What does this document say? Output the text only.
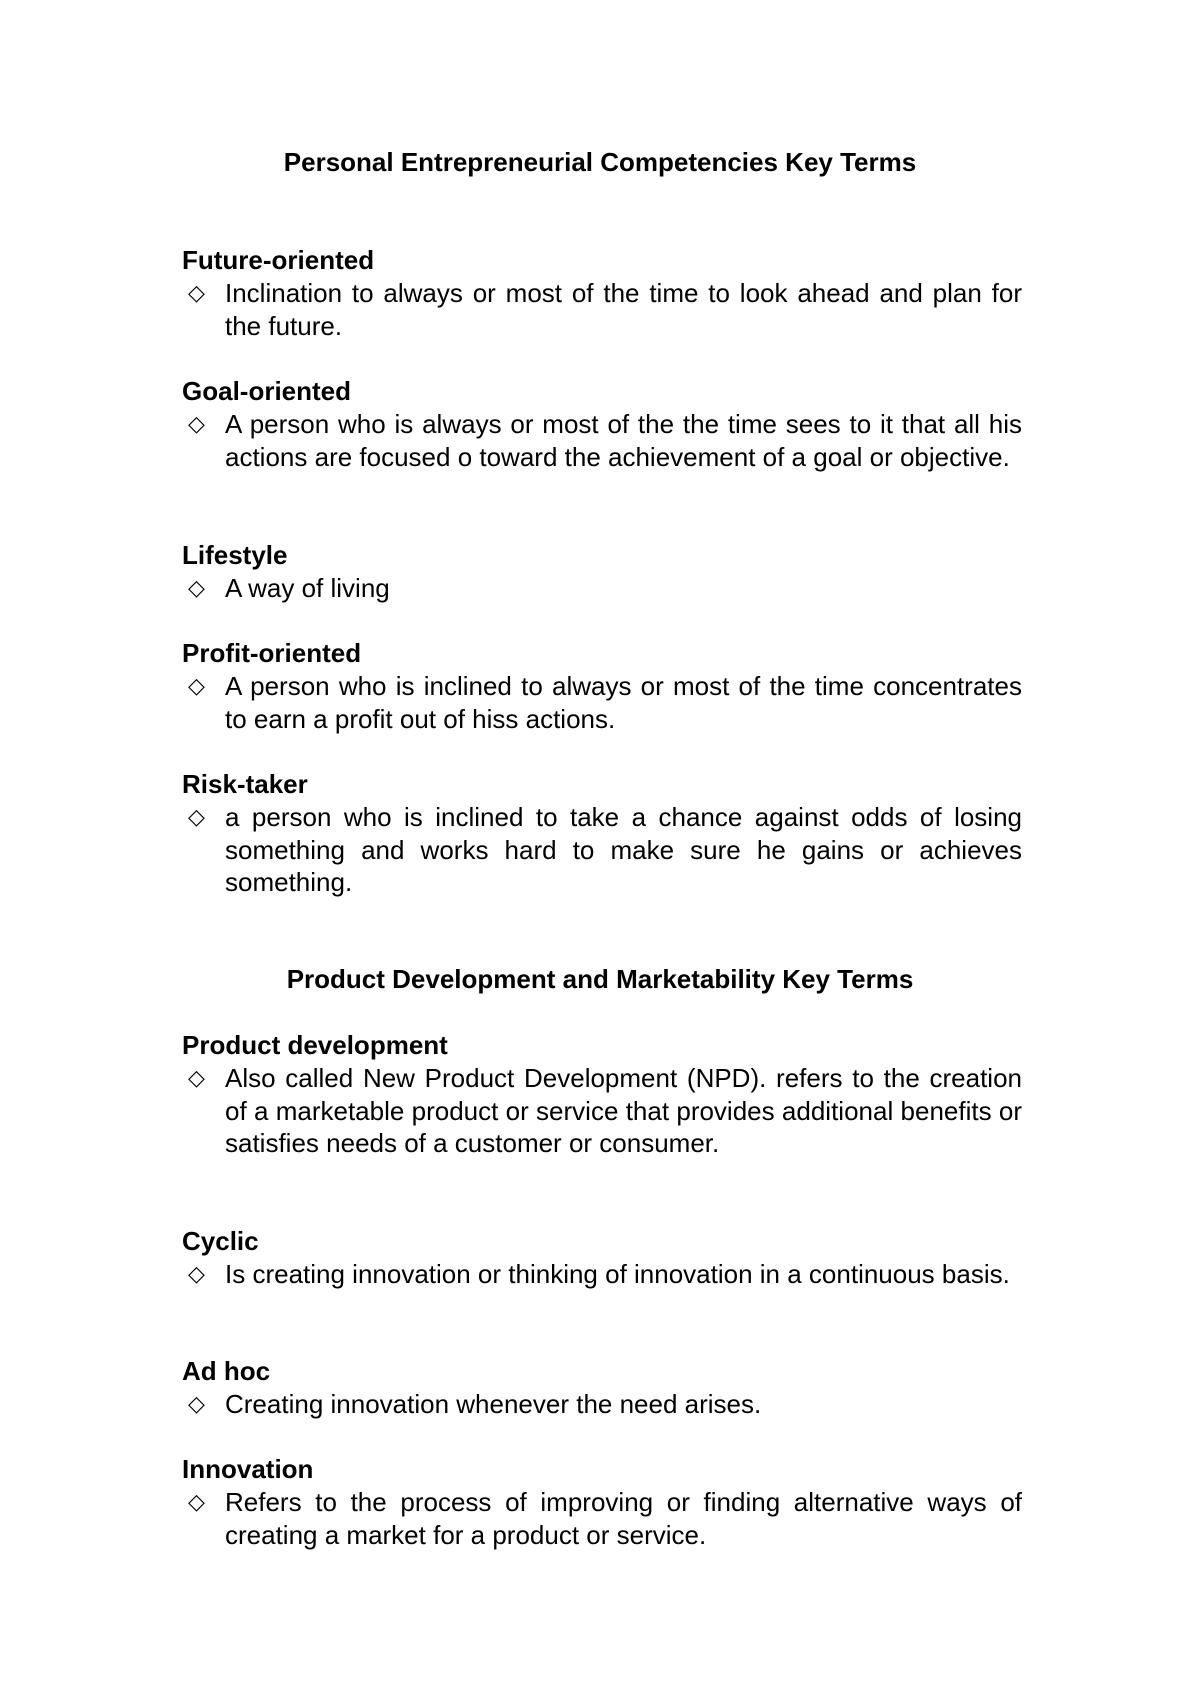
Personal Entrepreneurial Competencies Key Terms
Future-oriented
◇ Inclination to always or most of the time to look ahead and plan for the future.
Goal-oriented
◇ A person who is always or most of the the time sees to it that all his actions are focused o toward the achievement of a goal or objective.
Lifestyle
◇ A way of living
Profit-oriented
◇ A person who is inclined to always or most of the time concentrates to earn a profit out of hiss actions.
Risk-taker
◇ a person who is inclined to take a chance against odds of losing something and works hard to make sure he gains or achieves something.
Product Development and Marketability Key Terms
Product development
◇ Also called New Product Development (NPD). refers to the creation of a marketable product or service that provides additional benefits or satisfies needs of a customer or consumer.
Cyclic
◇ Is creating innovation or thinking of innovation in a continuous basis.
Ad hoc
◇ Creating innovation whenever the need arises.
Innovation
◇ Refers to the process of improving or finding alternative ways of creating a market for a product or service.
